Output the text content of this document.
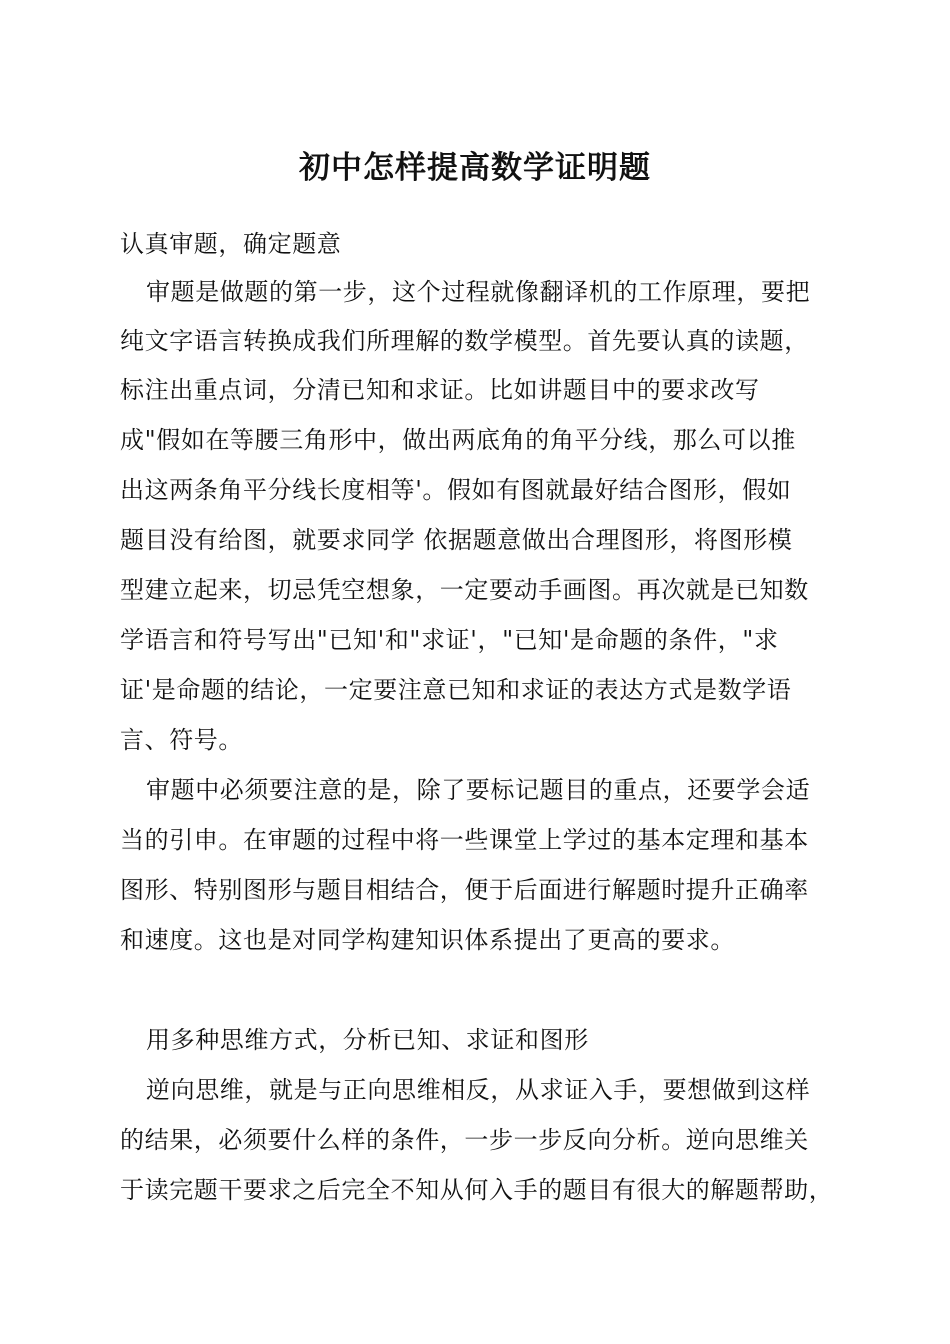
初中怎样提高数学证明题
认真审题，确定题意
审题是做题的第一步，这个过程就像翻译机的工作原理，要把
纯文字语言转换成我们所理解的数学模型。首先要认真的读题，
标注出重点词，分清已知和求证。比如讲题目中的要求改写
成"假如在等腰三角形中，做出两底角的角平分线，那么可以推
出这两条角平分线长度相等'。假如有图就最好结合图形，假如
题目没有给图，就要求同学 依据题意做出合理图形，将图形模
型建立起来，切忌凭空想象，一定要动手画图。再次就是已知数
学语言和符号写出"已知'和"求证'，"已知'是命题的条件，"求
证'是命题的结论，一定要注意已知和求证的表达方式是数学语
言、符号。
审题中必须要注意的是，除了要标记题目的重点，还要学会适
当的引申。在审题的过程中将一些课堂上学过的基本定理和基本
图形、特别图形与题目相结合，便于后面进行解题时提升正确率
和速度。这也是对同学构建知识体系提出了更高的要求。
用多种思维方式，分析已知、求证和图形
逆向思维，就是与正向思维相反，从求证入手，要想做到这样
的结果，必须要什么样的条件，一步一步反向分析。逆向思维关
于读完题干要求之后完全不知从何入手的题目有很大的解题帮助，
